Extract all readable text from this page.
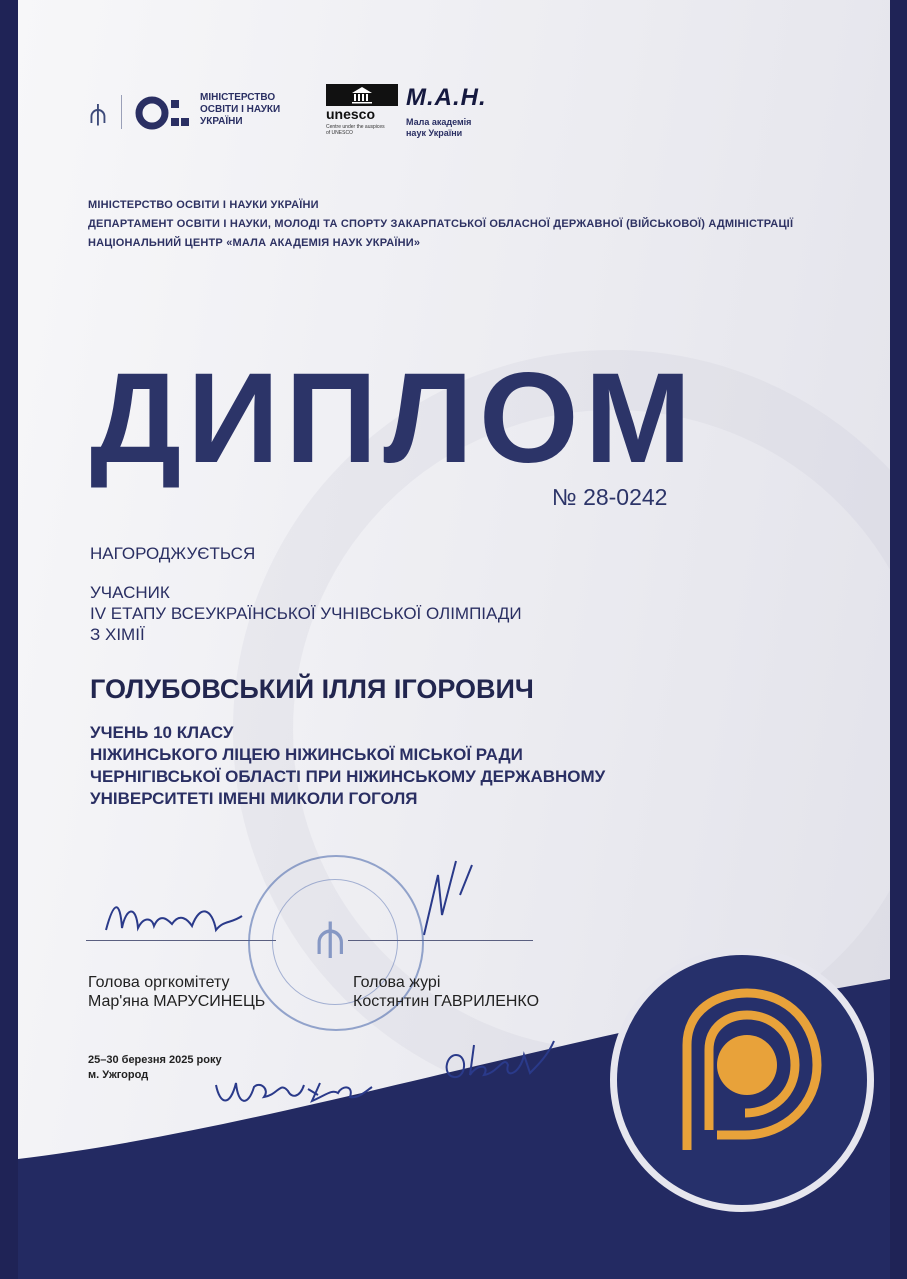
⫛
МІНІСТЕРСТВО ОСВІТИ І НАУКИ УКРАЇНИ	unesco
Centre under the auspices of UNESCO
М.А.Н.
Мала академія наук України
МІНІСТЕРСТВО ОСВІТИ І НАУКИ УКРАЇНИ
ДЕПАРТАМЕНТ ОСВІТИ І НАУКИ, МОЛОДІ ТА СПОРТУ ЗАКАРПАТСЬКОЇ ОБЛАСНОЇ ДЕРЖАВНОЇ (ВІЙСЬКОВОЇ) АДМІНІСТРАЦІЇ
НАЦІОНАЛЬНИЙ ЦЕНТР «МАЛА АКАДЕМІЯ НАУК УКРАЇНИ»
ДИПЛОМ
№ 28-0242
НАГОРОДЖУЄТЬСЯ
УЧАСНИК
IV ЕТАПУ ВСЕУКРАЇНСЬКОЇ УЧНІВСЬКОЇ ОЛІМПІАДИ
З ХІМІЇ
ГОЛУБОВСЬКИЙ ІЛЛЯ ІГОРОВИЧ
УЧЕНЬ 10 КЛАСУ
НІЖИНСЬКОГО ЛІЦЕЮ НІЖИНСЬКОЇ МІСЬКОЇ РАДИ
ЧЕРНІГІВСЬКОЇ ОБЛАСТІ ПРИ НІЖИНСЬКОМУ ДЕРЖАВНОМУ
УНІВЕРСИТЕТІ ІМЕНІ МИКОЛИ ГОГОЛЯ
⫛
Голова оргкомітету
Мар'яна МАРУСИНЕЦЬ
Голова журі
Костянтин ГАВРИЛЕНКО
25–30 березня 2025 року
м. Ужгород
